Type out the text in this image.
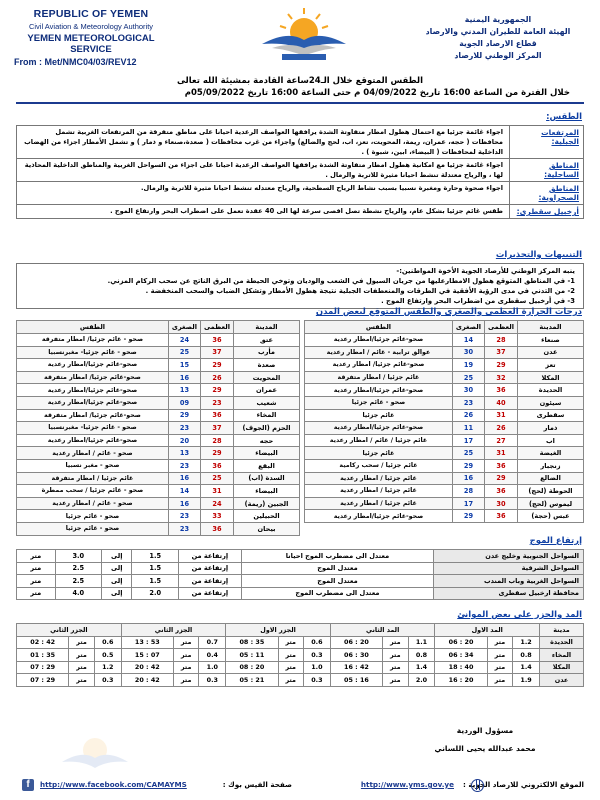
REPUBLIC OF YEMEN
Civil Aviation & Meteorology Authority
YEMEN METEOROLOGICAL SERVICE
From : Met/NMC04/03/REV12
الجمهورية اليمنية
الهيئة العامة للطيران المدني والارصاد
قطاع الارصاد الجوية
المركز الوطني للارصاد
الطقس المتوقع خلال الـ24ساعة القادمة بمشيئة الله تعالى
خلال الفترة من الساعة 16:00 تاريخ 04/09/2022 م حتى الساعة 16:00 تاريخ 05/09/2022م
الطقس:
المرتفعات الجبلية:
اجواء غائمة جزئيا مع احتمال هطول امطار متفاوتة الشدة يرافقها العواصف الرعدية احيانا على مناطق متفرقة من المرتفعات الغربية تشمل محافظات ( حجه، عمران، ريمة، المحويت، تعز، اب، لحج والضالع) واجزاء من غرب محافظات ( صعدة،صنعاء و ذمار ) و تشمل الأمطار اجزاء من الهضاب الداخلية لمحافظات ( البيضاء، ابين، شبوة ) .
المناطق الساحلية:
اجواء غائمة جزئيا مع امكانية هطول امطار متفاوتة الشدة يرافقها العواصف الرعدية احيانا على اجزاء من السواحل الغربية والمناطق الداخلية المحاذية لها ، والرياح معتدلة تنشط احيانا مثيرة للاتربة والرمال .
المناطق الصحراوية:
اجواء صحوة وحارة ومغبرة نسبيا بسبب نشاط الرياح السطحية، والرياح معتدله تنشط احيانا مثيرة للاتربة والرمال.
أرخبيل سقطرى:
طقس غائم جزئيا بشكل عام، والرياح نشطة تصل اقصى سرعة لها الى 40 عقدة تعمل على اضطراب البحر وارتفاع الموج .
التنبيهات والتحذيرات
ينبه المركز الوطني للأرصاد الجوية الأخوة المواطنين:-
1- في المناطق المتوقع هطول الامطارعليها من جريان السيول في الشعب والوديان وتوخي الحيطة من البرق الناتج عن سحب الركام المزني.
2- من التدني في مدى الرؤية الأفقية في الطرقات والمنعطفات الجبلية نتيجة هطول الأمطار وتشكل الضباب والسحب المنخفضة .
3- في أرخبيل سقطرى من اضطراب البحر وارتفاع الموج .
درجات الحرارة العظمى والصغرى والطقس المتوقع لبعض المدن
المدينة	العظمى	الصغرى	الطقس
صنعاء	28	14	صحو-غائم جزئيا/امطار رعدية
عدن	37	30	عوالق ترابية - غائم / امطار رعدية
تعز	29	19	صحو-غائم جزئيا/ امطار رعدية
المكلا	32	25	غائم جزئيا / امطار متفرقة
الحديدة	36	30	صحو-غائم جزئيا/امطار رعدية
سيئون	40	23	صحو - غائم جزئيا
سقطرى	31	26	غائم جزئيا
ذمار	26	11	صحو-غائم جزئيا/امطار رعدية
اب	27	17	غائم جزئيا / غائم / امطار رعدية
الغيضة	31	25	غائم جزئيا
زنجبار	36	29	غائم جزئيا / سحب ركامية
الضالع	29	16	غائم جزئيا / امطار رعدية
الحوطة (لحج)	36	28	غائم جزئيا / امطار رعدية
ليموس (لحج)	30	17	غائم جزئيا / امطار رعدية
عبس (حجة)	36	29	صحو-غائم جزئيا/امطار رعدية
المدينة	العظمى	الصغرى	الطقس
عتق	36	24	صحو - غائم جزئيا/ امطار متفرقة
مأرب	37	25	صحو - غائم جزئيا- مغبرنسبيا
صعدة	29	15	صحو-غائم جزئيا/امطار رعدية
المحويت	26	16	صحو-غائم جزئيا/ امطار متفرقة
عمران	29	13	صحو-غائم جزئيا/امطار رعدية
شعيب	23	09	صحو-غائم جزئيا/امطار رعدية
المخاء	36	29	صحو-غائم جزئيا/ امطار متفرقة
الحزم (الجوف)	37	23	صحو - غائم جزئيا- مغبرنسبيا
حجه	28	20	صحو-غائم جزئيا/امطار رعدية
البيضاء	29	13	صحو - غائم / امطار رعدية
البقع	36	23	صحو - مغبر نسبيا
السدة (اب)	25	16	غائم جزئيا / امطار متفرقة
البيضاء	31	14	صحو - غائم جزئيا / سحب ممطرة
الجبين (ريمة)	24	16	صحو - غائم / امطار رعدية
الحبيلين	33	23	صحو - غائم جزئيا
بيحان	36	23	صحو - غائم جزئيا
إرتفاع الموج
السواحل الجنوبية وخليج عدن	معتدل الى مضطرب الموج احيانا	إرتفاعة من	1.5	إلى	3.0	متر
السواحل الشرقية	معتدل الموج	إرتفاعة من	1.5	إلى	2.5	متر
السواحل الغربية وباب المندب	معتدل الموج	إرتفاعة من	1.5	إلى	2.5	متر
محافظة ارخبيل سقطرى	معتدل الى مضطرب الموج	إرتفاعة من	2.0	إلى	4.0	متر
المد والجزر على بعض الموانئ
مدينة	المد الاول			المد الثاني			الجزر الاول			الجزر الثاني			الجزر الثاني		
الحديدة	1.2	متر	20 : 06	1.1	متر	20 : 06	0.6	متر	35 : 08	0.7	متر	53 : 13	0.6	متر	42 : 02
المخاء	0.8	متر	34 : 06	0.8	متر	30 : 06	0.3	متر	11 : 05	0.4	متر	07 : 15	0.5	متر	35 : 01
المكلا	1.4	متر	40 : 18	1.4	متر	42 : 16	1.0	متر	20 : 08	1.0	متر	42 : 20	1.2	متر	29 : 07
عدن	1.9	متر	20 : 16	2.0	متر	16 : 05	0.3	متر	21 : 05	0.3	متر	42 : 20	0.3	متر	29 : 07
مسؤول الوردية
محمد عبدالله يحيى اللساني
الموقع الالكتروني للارصاد الجوية :
http://www.yms.gov.ye
صفحة الفيس بوك :
http://www.facebook.com/CAMAYMS
f
